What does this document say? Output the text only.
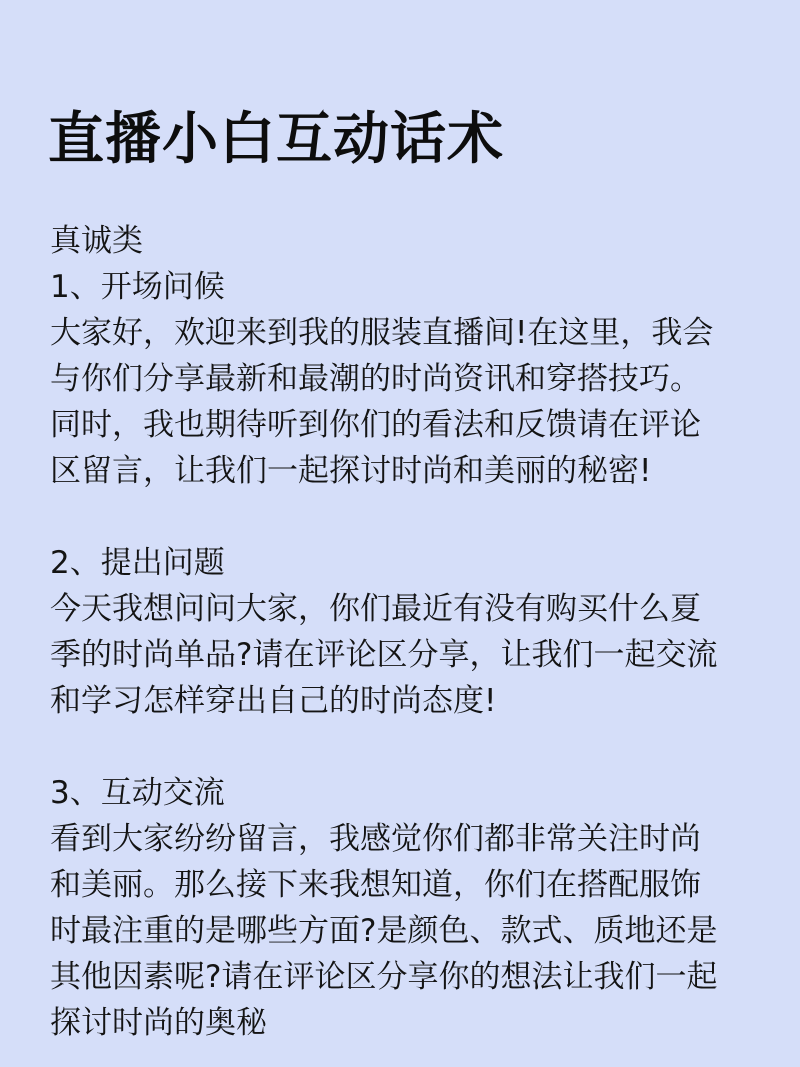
直播小白互动话术
真诚类
1、开场问候
大家好，欢迎来到我的服装直播间!在这里，我会
与你们分享最新和最潮的时尚资讯和穿搭技巧。
同时，我也期待听到你们的看法和反馈请在评论
区留言，让我们一起探讨时尚和美丽的秘密!
2、提出问题
今天我想问问大家，你们最近有没有购买什么夏
季的时尚单品?请在评论区分享，让我们一起交流
和学习怎样穿出自己的时尚态度!
3、互动交流
看到大家纷纷留言，我感觉你们都非常关注时尚
和美丽。那么接下来我想知道，你们在搭配服饰
时最注重的是哪些方面?是颜色、款式、质地还是
其他因素呢?请在评论区分享你的想法让我们一起
探讨时尚的奥秘
